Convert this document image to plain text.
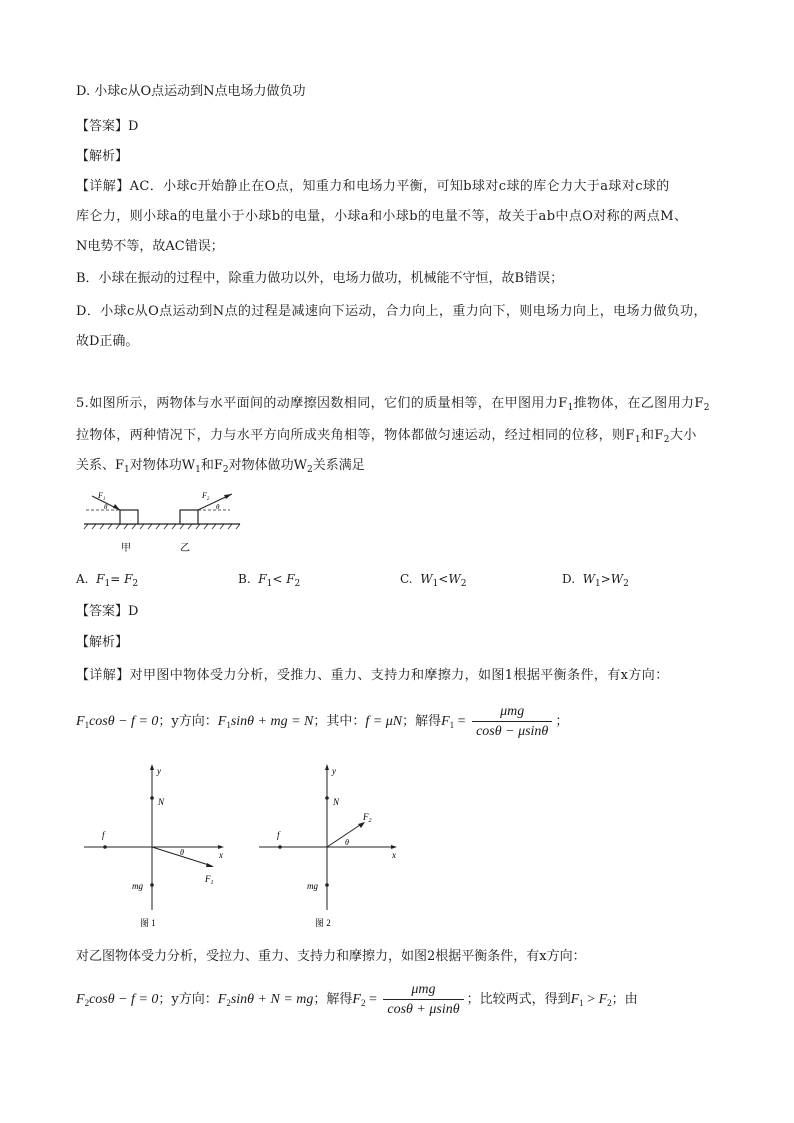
D. 小球c从O点运动到N点电场力做负功
【答案】D
【解析】
【详解】AC．小球c开始静止在O点，知重力和电场力平衡，可知b球对c球的库仑力大于a球对c球的
库仑力，则小球a的电量小于小球b的电量，小球a和小球b的电量不等，故关于ab中点O对称的两点M、
N电势不等，故AC错误；
B．小球在振动的过程中，除重力做功以外，电场力做功，机械能不守恒，故B错误；
D．小球c从O点运动到N点的过程是减速向下运动，合力向上，重力向下，则电场力向上，电场力做负功，
故D正确。
5.如图所示，两物体与水平面间的动摩擦因数相同，它们的质量相等，在甲图用力$F_1$推物体，在乙图用力$F_2$
拉物体，两种情况下，力与水平方向所成夹角相等，物体都做匀速运动，经过相同的位移，则$F_1$和$F_2$大小
关系、$F_1$对物体功$W_1$和$F_2$对物体做功$W_2$关系满足
$F_1$
θ
$F_2$
θ
甲	乙
A. $F_1= F_2$	B. $F_1< F_2$	C. $W_1<W_2$	D. $W_1>W_2$
【答案】D
【解析】
【详解】对甲图中物体受力分析，受推力、重力、支持力和摩擦力，如图1根据平衡条件，有x方向：
$F_1\cos\theta - f = 0$；y方向：$F_1\sin\theta$ + mg = N；其中：f = μN；解得$F_1 = \frac{\text{μmg}}{\cos\theta - \mu\sin\theta}$ ；
y
x
N
f
mg
θ
$F_1$
图 1
y
x
N
f
mg
θ
$F_2$
图 2
对乙图物体受力分析，受拉力、重力、支持力和摩擦力，如图2根据平衡条件，有x方向：
$F_2\cos\theta - f = 0$；y方向：$F_2\sin\theta + N$ = mg；解得$F_2 = \frac{\text{μmg}}{\cos\theta + \mu\sin\theta}$ ；比较两式，得到$F_1 > F_2$；由
